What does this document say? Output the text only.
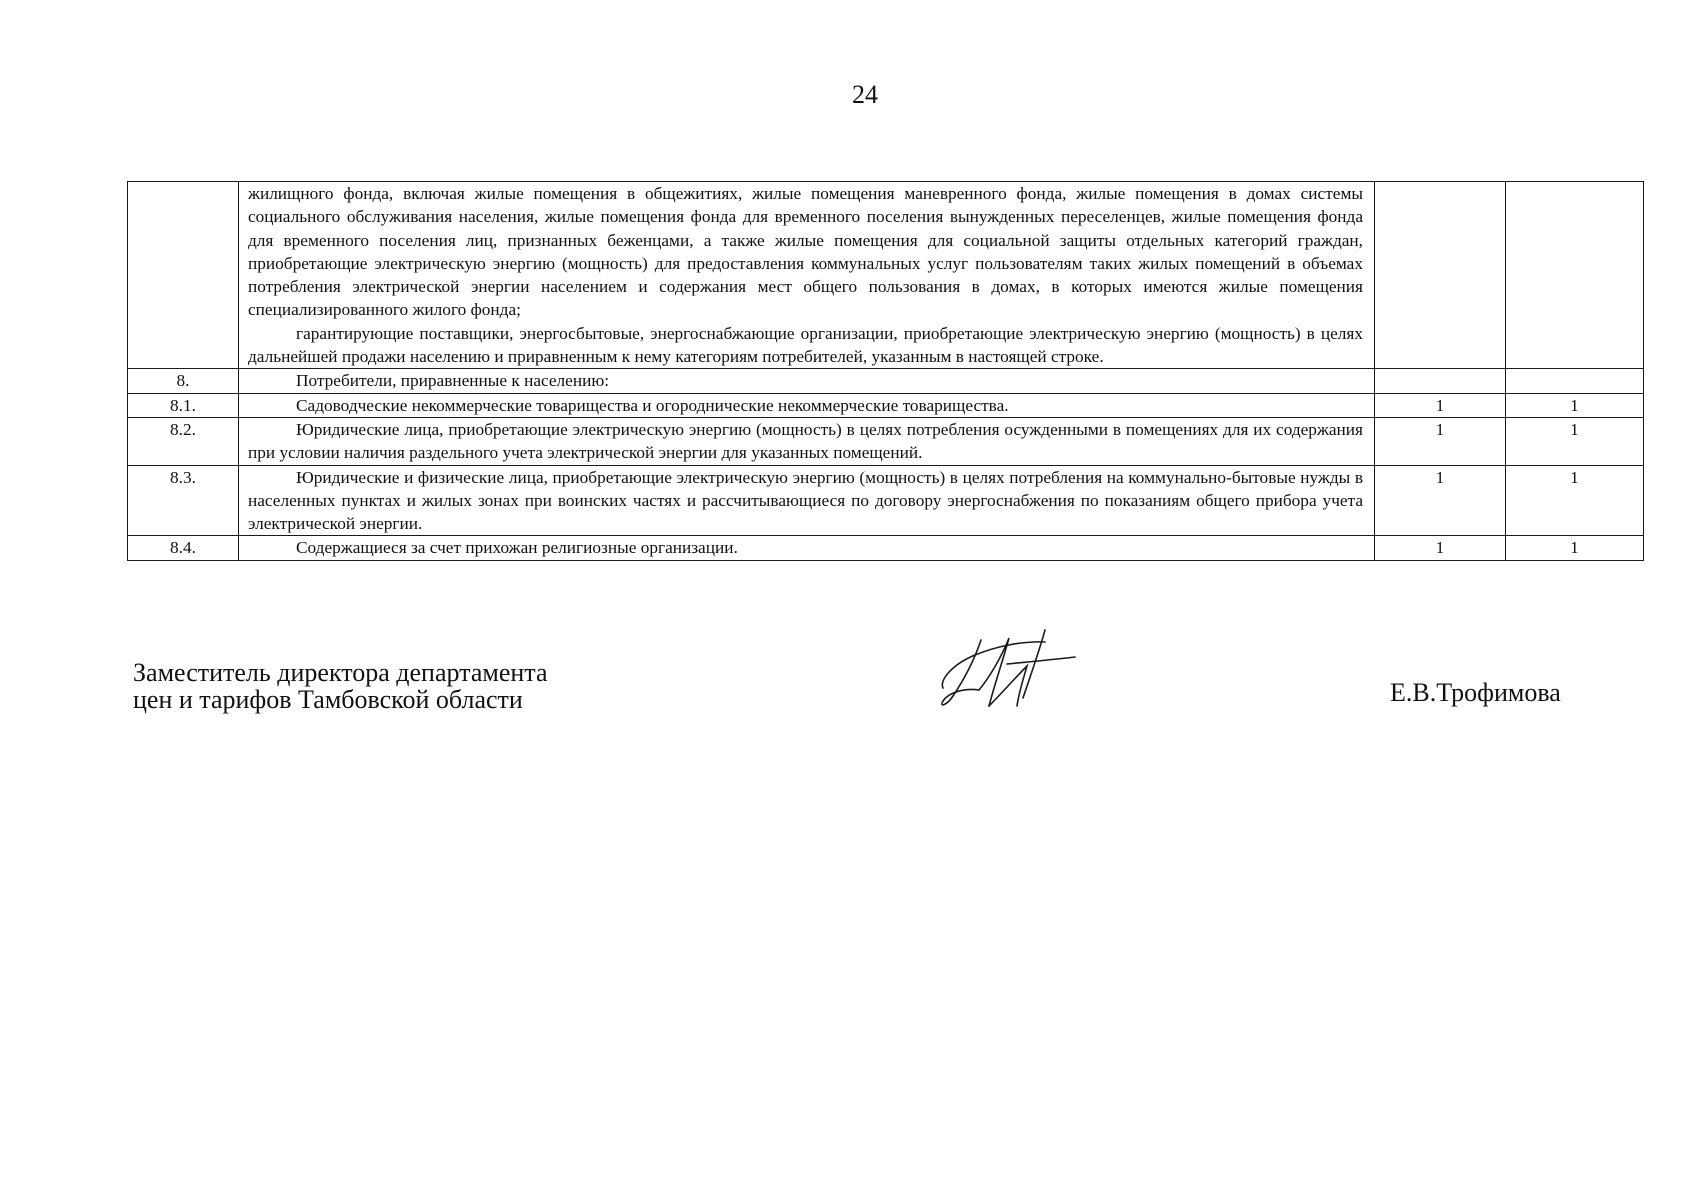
24

	жилищного фонда, включая жилые помещения в общежитиях, жилые помещения маневренного фонда, жилые помещения в домах системы социального обслуживания населения, жилые помещения фонда для временного поселения вынужденных переселенцев, жилые помещения фонда для временного поселения лиц, признанных беженцами, а также жилые помещения для социальной защиты отдельных категорий граждан, приобретающие электрическую энергию (мощность) для предоставления коммунальных услуг пользователям таких жилых помещений в объемах потребления электрической энергии населением и содержания мест общего пользования в домах, в которых имеются жилые помещения специализированного жилого фонда;
гарантирующие поставщики, энергосбытовые, энергоснабжающие организации, приобретающие электрическую энергию (мощность) в целях дальнейшей продажи населению и приравненным к нему категориям потребителей, указанным в настоящей строке.		

8.	Потребители, приравненные к населению:		

8.1.	Садоводческие некоммерческие товарищества и огороднические некоммерческие товарищества.	1	1
8.2.	Юридические лица, приобретающие электрическую энергию (мощность) в целях потребления осужденными в помещениях для их содержания при условии наличия раздельного учета электрической энергии для указанных помещений.	1	1
8.3.	Юридические и физические лица, приобретающие электрическую энергию (мощность) в целях потребления на коммунально-бытовые нужды в населенных пунктах и жилых зонах при воинских частях и рассчитывающиеся по договору энергоснабжения по показаниям общего прибора учета электрической энергии.	1	1
8.4.	Содержащиеся за счет прихожан религиозные организации.	1	1
Заместитель директора департамента
цен и тарифов Тамбовской области	Е.В.Трофимова
